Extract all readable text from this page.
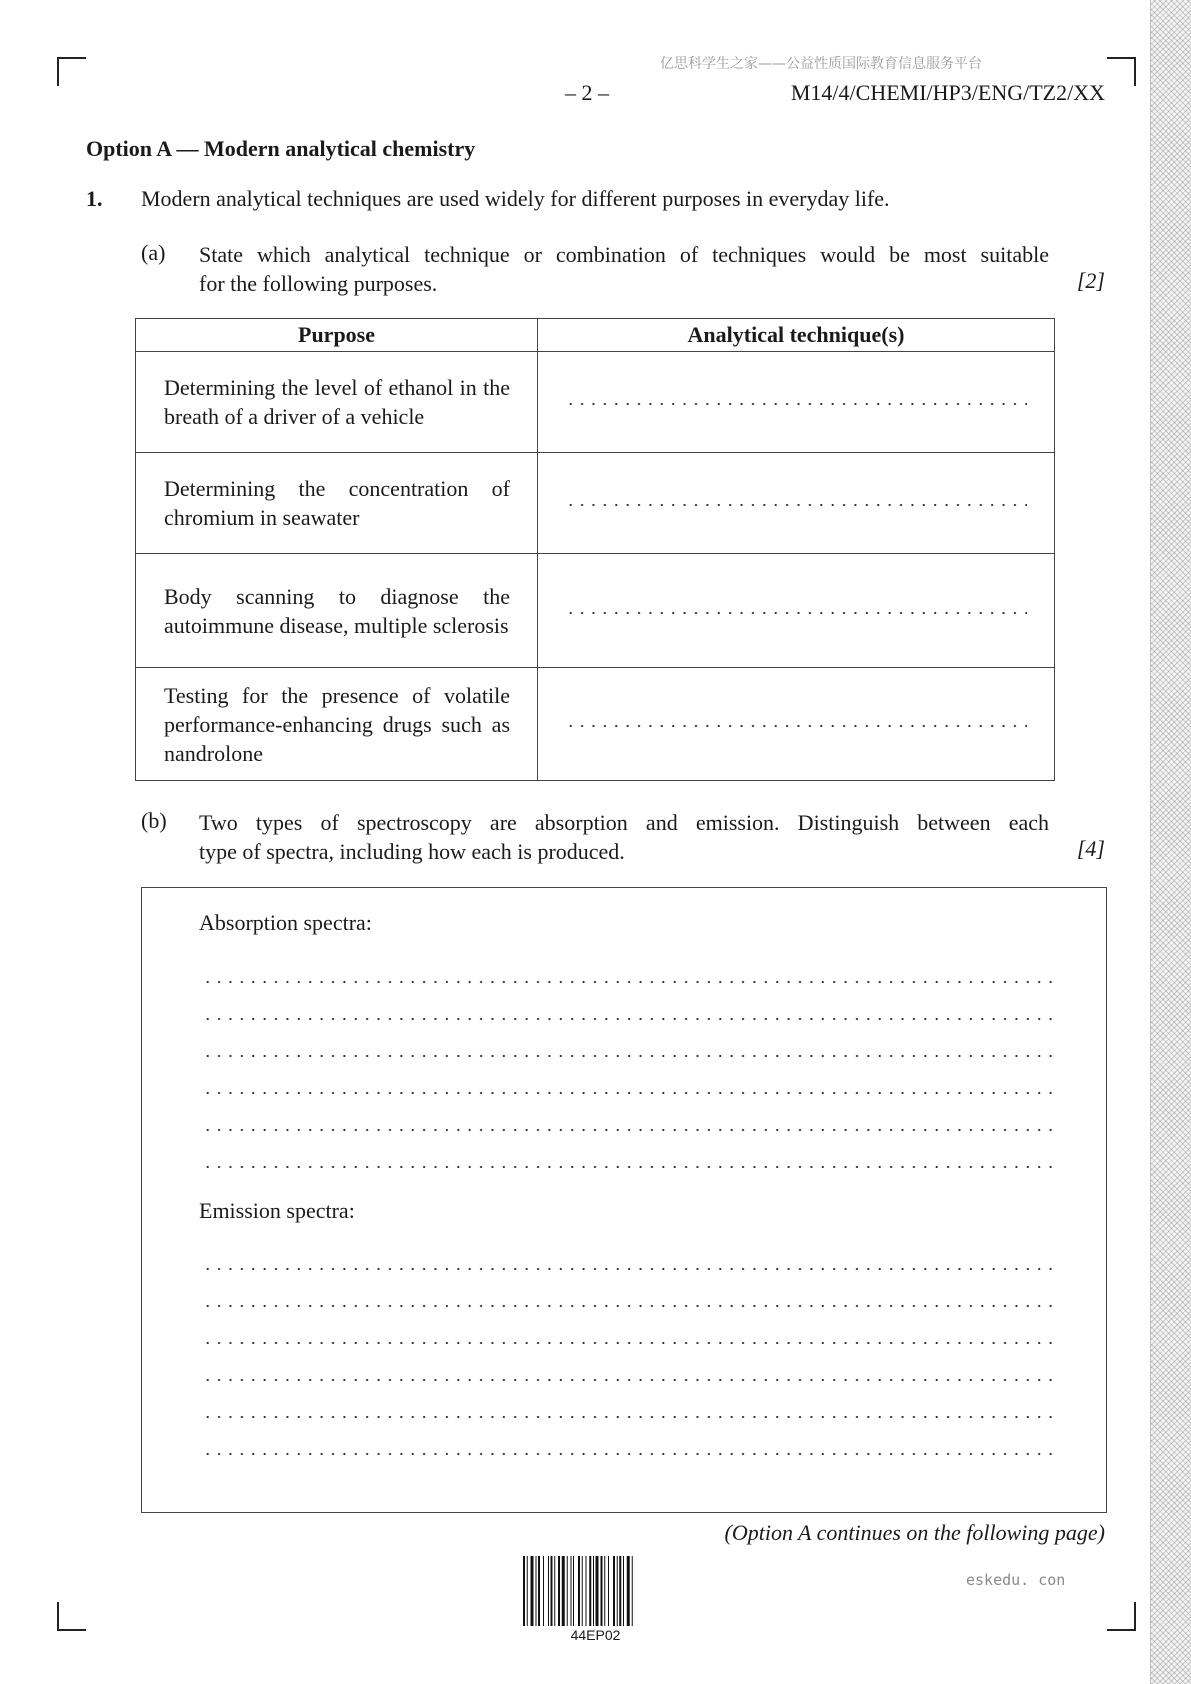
亿思科学生之家——公益性质国际教育信息服务平台
– 2 –	M14/4/CHEMI/HP3/ENG/TZ2/XX
Option A — Modern analytical chemistry
1. Modern analytical techniques are used widely for different purposes in everyday life.
(a) State which analytical technique or combination of techniques would be most suitable
for the following purposes.	[2]
Purpose	Analytical technique(s)
Determining the level of ethanol in the breath of a driver of a vehicle	
Determining the concentration of chromium in seawater	
Body scanning to diagnose the autoimmune disease, multiple sclerosis	
Testing for the presence of volatile performance-enhancing drugs such as nandrolone	
(b) Two types of spectroscopy are absorption and emission. Distinguish between each
type of spectra, including how each is produced.	[4]
Absorption spectra:
Emission spectra:
(Option A continues on the following page)
eskedu. con
44EP02
